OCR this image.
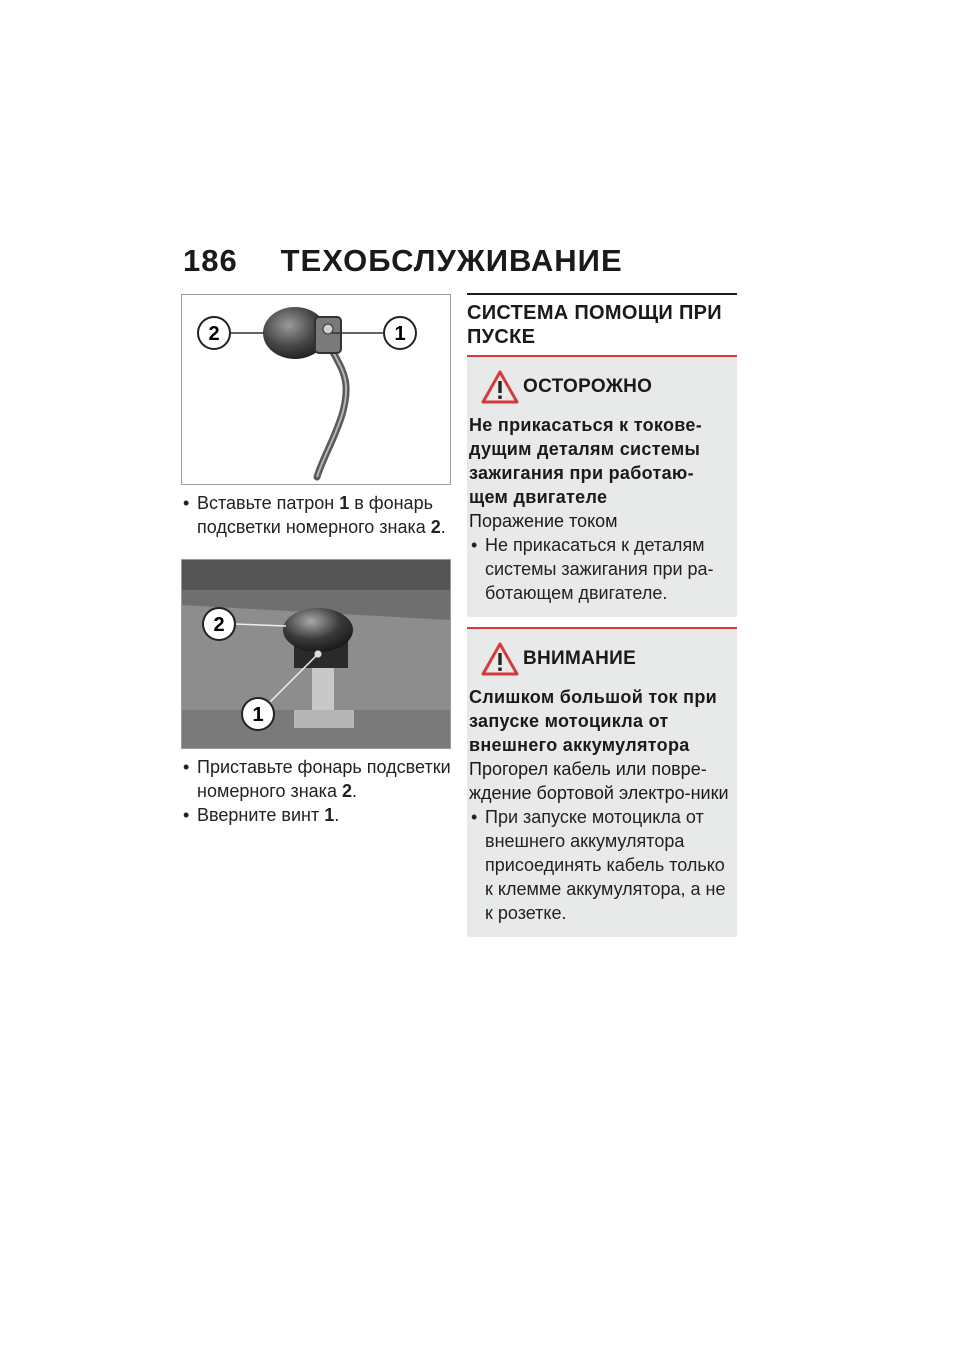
186 ТЕХОБСЛУЖИВАНИЕ
2	1
• Вставьте патрон 1 в фонарь подсветки номерного знака 2.
2
1
• Приставьте фонарь подсветки номерного знака 2.
• Вверните винт 1.
СИСТЕМА ПОМОЩИ ПРИ ПУСКЕ
ОСТОРОЖНО
Не прикасаться к токове-дущим деталям системы зажигания при работаю-щем двигателе
Поражение током
• Не прикасаться к деталям системы зажигания при ра-ботающем двигателе.
ВНИМАНИЕ
Слишком большой ток при запуске мотоцикла от внешнего аккумулятора
Прогорел кабель или повре-ждение бортовой электро-ники
• При запуске мотоцикла от внешнего аккумулятора присоединять кабель только к клемме аккумулятора, а не к розетке.
